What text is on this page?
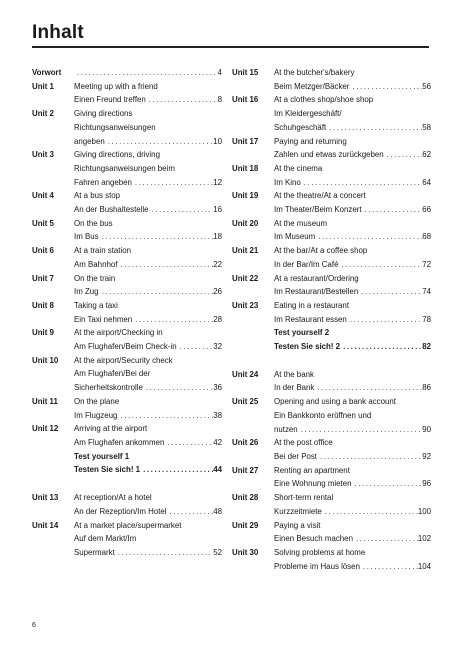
Inhalt
Vorwort .....	4
Unit 1	Meeting up with a friend
Einen Freund treffen .....	8
Unit 2	Giving directions
Richtungsanweisungen
angeben .....	10
Unit 3	Giving directions, driving
Richtungsanweisungen beim
Fahren angeben .....	12
Unit 4	At a bus stop
An der Bushaltestelle .....	16
Unit 5	On the bus
Im Bus .....	18
Unit 6	At a train station
Am Bahnhof .....	22
Unit 7	On the train
Im Zug .....	26
Unit 8	Taking a taxi
Ein Taxi nehmen .....	28
Unit 9	At the airport/Checking in
Am Flughafen/Beim Check-in .....	32
Unit 10	At the airport/Security check
Am Flughafen/Bei der
Sicherheitskontrolle .....	36
Unit 11	On the plane
Im Flugzeug .....	38
Unit 12	Arriving at the airport
Am Flughafen ankommen .....	42
Test yourself 1
Testen Sie sich! 1 .....	44
Unit 13	At reception/At a hotel
An der Rezeption/Im Hotel .....	48
Unit 14	At a market place/supermarket
Auf dem Markt/Im
Supermarkt .....	52
Unit 15	At the butcher's/bakery
Beim Metzger/Bäcker .....	56
Unit 16	At a clothes shop/shoe shop
Im Kleidergeschäft/
Schuhgeschäft .....	58
Unit 17	Paying and returning
Zahlen und etwas zurückgeben .....	62
Unit 18	At the cinema
Im Kino .....	64
Unit 19	At the theatre/At a concert
Im Theater/Beim Konzert .....	66
Unit 20	At the museum
Im Museum .....	68
Unit 21	At the bar/At a coffee shop
In der Bar/Im Café .....	72
Unit 22	At a restaurant/Ordering
Im Restaurant/Bestellen .....	74
Unit 23	Eating in a restaurant
Im Restaurant essen .....	78
Test yourself 2
Testen Sie sich! 2 .....	82
Unit 24	At the bank
In der Bank .....	86
Unit 25	Opening and using a bank account
Ein Bankkonto eröffnen und
nutzen .....	90
Unit 26	At the post office
Bei der Post .....	92
Unit 27	Renting an apartment
Eine Wohnung mieten .....	96
Unit 28	Short-term rental
Kurzzeitmiete .....	100
Unit 29	Paying a visit
Einen Besuch machen .....	102
Unit 30	Solving problems at home
Probleme im Haus lösen .....	104
6
